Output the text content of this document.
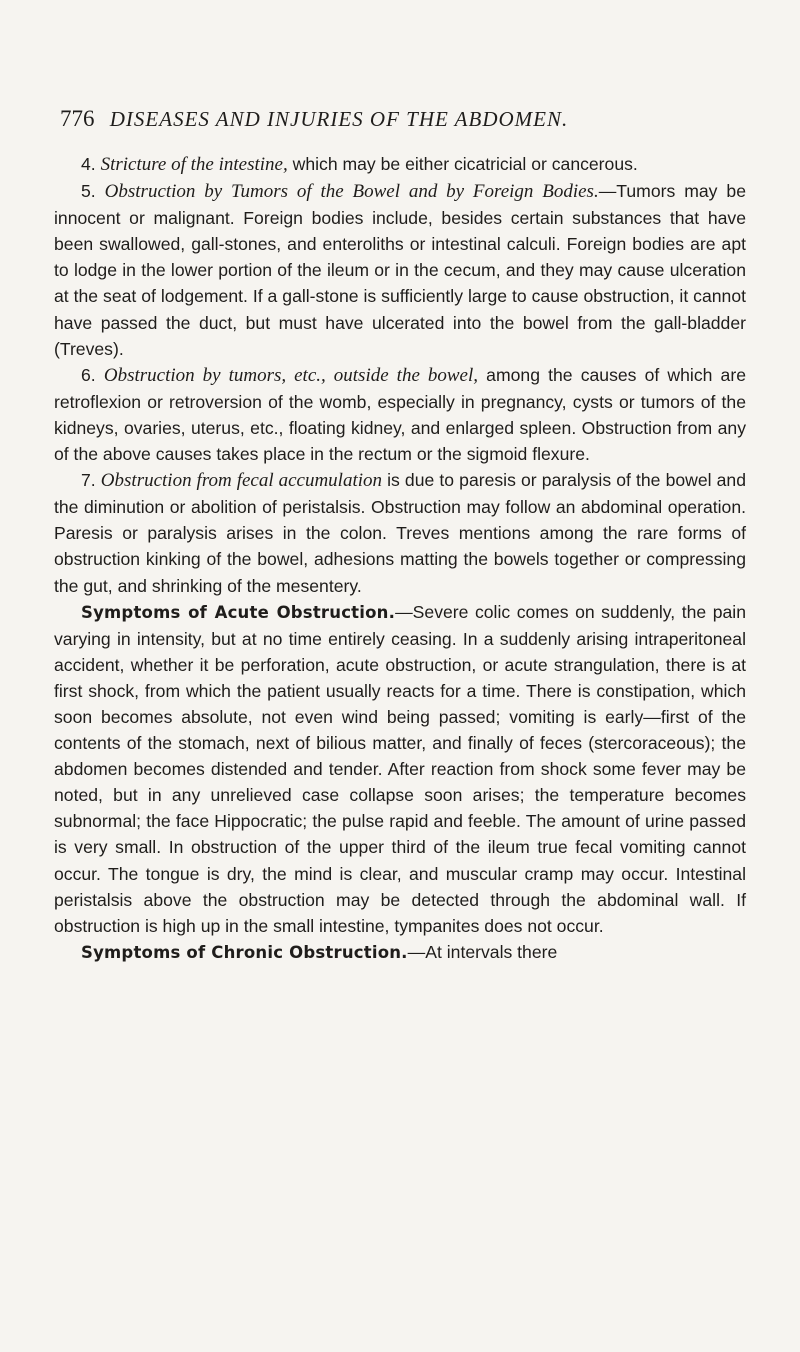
776 DISEASES AND INJURIES OF THE ABDOMEN.

4. Stricture of the intestine, which may be either cicatricial or cancerous.

5. Obstruction by Tumors of the Bowel and by Foreign Bodies.—Tumors may be innocent or malignant. Foreign bodies include, besides certain substances that have been swallowed, gall-stones, and enteroliths or intestinal calculi. Foreign bodies are apt to lodge in the lower portion of the ileum or in the cecum, and they may cause ulceration at the seat of lodgement. If a gall-stone is sufficiently large to cause obstruction, it cannot have passed the duct, but must have ulcerated into the bowel from the gall-bladder (Treves).

6. Obstruction by tumors, etc., outside the bowel, among the causes of which are retroflexion or retroversion of the womb, especially in pregnancy, cysts or tumors of the kidneys, ovaries, uterus, etc., floating kidney, and enlarged spleen. Obstruction from any of the above causes takes place in the rectum or the sigmoid flexure.

7. Obstruction from fecal accumulation is due to paresis or paralysis of the bowel and the diminution or abolition of peristalsis. Obstruction may follow an abdominal operation. Paresis or paralysis arises in the colon. Treves mentions among the rare forms of obstruction kinking of the bowel, adhesions matting the bowels together or compressing the gut, and shrinking of the mesentery.

Symptoms of Acute Obstruction.—Severe colic comes on suddenly, the pain varying in intensity, but at no time entirely ceasing. In a suddenly arising intraperitoneal accident, whether it be perforation, acute obstruction, or acute strangulation, there is at first shock, from which the patient usually reacts for a time. There is constipation, which soon becomes absolute, not even wind being passed; vomiting is early—first of the contents of the stomach, next of bilious matter, and finally of feces (stercoraceous); the abdomen becomes distended and tender. After reaction from shock some fever may be noted, but in any unrelieved case collapse soon arises; the temperature becomes subnormal; the face Hippocratic; the pulse rapid and feeble. The amount of urine passed is very small. In obstruction of the upper third of the ileum true fecal vomiting cannot occur. The tongue is dry, the mind is clear, and muscular cramp may occur. Intestinal peristalsis above the obstruction may be detected through the abdominal wall. If obstruction is high up in the small intestine, tympanites does not occur.

Symptoms of Chronic Obstruction.—At intervals there
